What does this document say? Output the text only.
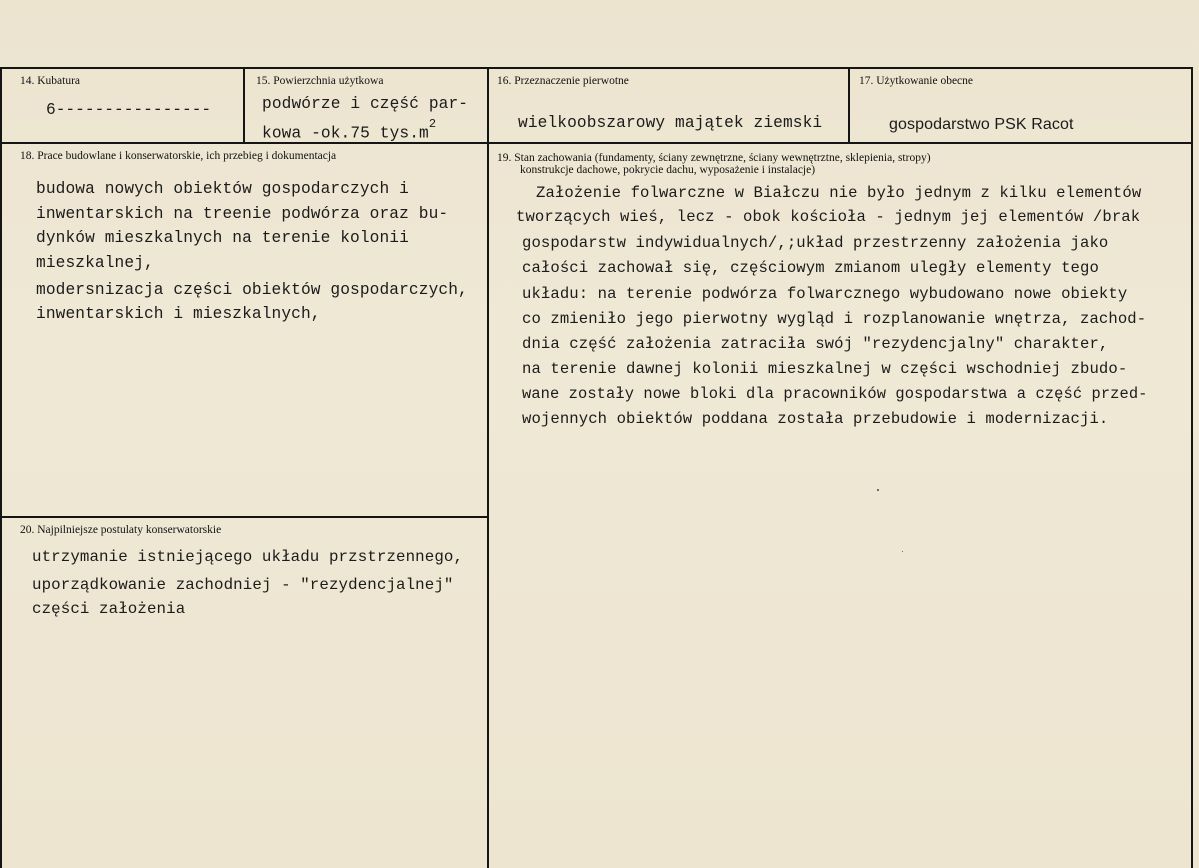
14. Kubatura
6----------------
15. Powierzchnia użytkowa
podwórze i część par-
kowa -ok.75 $tys.m^2$
16. Przeznaczenie pierwotne
wielkoobszarowy majątek ziemski
17. Użytkowanie obecne
gospodarstwo PSK Racot
18. Prace budowlane i konserwatorskie, ich przebieg i dokumentacja
budowa nowych obiektów gospodarczych i
inwentarskich na treenie podwórza oraz bu-
dynków mieszkalnych na terenie kolonii
mieszkalnej,
modersnizacja części obiektów gospodarczych,
inwentarskich i mieszkalnych,
19. Stan zachowania (fundamenty, ściany zewnętrzne, ściany wewnętrztne, sklepienia, stropy)
konstrukcje dachowe, pokrycie dachu, wyposażenie i instalacje)
Założenie folwarczne w Białczu nie było jednym z kilku elementów
tworzących wieś, lecz - obok kościoła - jednym jej elementów /brak
gospodarstw indywidualnych/,;układ przestrzenny założenia jako
całości zachował się, częściowym zmianom uległy elementy tego
układu: na terenie podwórza folwarcznego wybudowano nowe obiekty
co zmieniło jego pierwotny wygląd i rozplanowanie wnętrza, zachod-
dnia część założenia zatraciła swój "rezydencjalny" charakter,
na terenie dawnej kolonii mieszkalnej w części wschodniej zbudo-
wane zostały nowe bloki dla pracowników gospodarstwa a część przed-
wojennych obiektów poddana została przebudowie i modernizacji.
20. Najpilniejsze postulaty konserwatorskie
utrzymanie istniejącego układu przstrzennego,
uporządkowanie zachodniej - "rezydencjalnej"
części założenia
